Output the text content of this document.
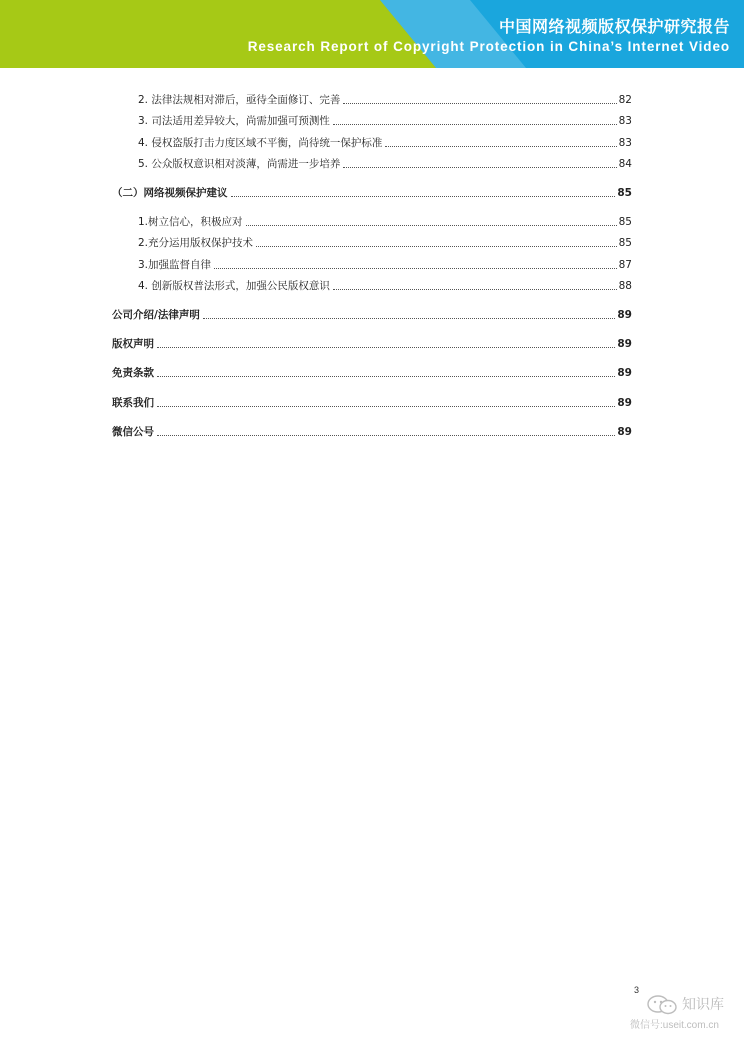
中国网络视频版权保护研究报告
Research Report of Copyright Protection in China’s Internet Video
2. 法律法规相对滞后，亟待全面修订、完善	82
3. 司法适用差异较大，尚需加强可预测性	83
4. 侵权盗版打击力度区域不平衡，尚待统一保护标准	83
5. 公众版权意识相对淡薄，尚需进一步培养	84
（二）网络视频保护建议	85
1.树立信心，积极应对	85
2.充分运用版权保护技术	85
3.加强监督自律	87
4. 创新版权普法形式，加强公民版权意识	88
公司介绍/法律声明	89
版权声明	89
免责条款	89
联系我们	89
微信公号	89
3
知识库
微信号:useit.com.cn
